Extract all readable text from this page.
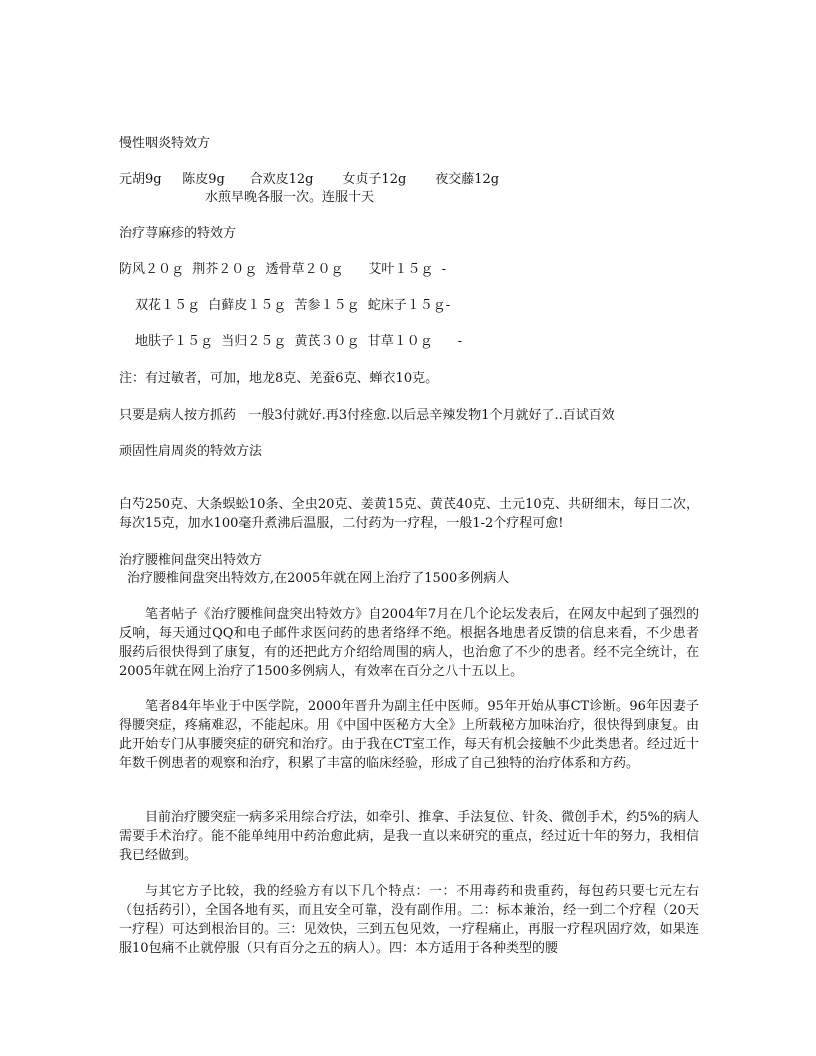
慢性咽炎特效方

元胡9g     陈皮9g      合欢皮12g       女贞子12g       夜交藤12g

水煎早晚各服一次。连服十天

治疗荨麻疹的特效方

防风２０ｇ  荆芥２０ｇ  透骨草２０ｇ      艾叶１５ｇ  -

双花１５ｇ  白藓皮１５ｇ  苦参１５ｇ  蛇床子１５ｇ-

地肤子１５ｇ  当归２５ｇ  黄芪３０ｇ  甘草１０ｇ      -

注：有过敏者，可加，地龙8克、羌蚕6克、蝉衣10克。

只要是病人按方抓药   一般3付就好.再3付痊愈.以后忌辛辣发物1个月就好了..百试百效

顽固性肩周炎的特效方法

白芍250克、大条蜈蚣10条、全虫20克、姜黄15克、黄芪40克、土元10克、共研细末，每日二次，每次15克，加水100毫升煮沸后温服，二付药为一疗程，一般1-2个疗程可愈!

治疗腰椎间盘突出特效方

治疗腰椎间盘突出特效方,在2005年就在网上治疗了1500多例病人

笔者帖子《治疗腰椎间盘突出特效方》自2004年7月在几个论坛发表后，在网友中起到了强烈的反响，每天通过QQ和电子邮件求医问药的患者络绎不绝。根据各地患者反馈的信息来看，不少患者服药后很快得到了康复，有的还把此方介绍给周围的病人，也治愈了不少的患者。经不完全统计，在2005年就在网上治疗了1500多例病人，有效率在百分之八十五以上。

笔者84年毕业于中医学院，2000年晋升为副主任中医师。95年开始从事CT诊断。96年因妻子得腰突症，疼痛难忍，不能起床。用《中国中医秘方大全》上所载秘方加味治疗，很快得到康复。由此开始专门从事腰突症的研究和治疗。由于我在CT室工作，每天有机会接触不少此类患者。经过近十年数千例患者的观察和治疗，积累了丰富的临床经验，形成了自己独特的治疗体系和方药。

目前治疗腰突症一病多采用综合疗法，如牵引、推拿、手法复位、针灸、微创手术，约5%的病人需要手术治疗。能不能单纯用中药治愈此病，是我一直以来研究的重点，经过近十年的努力，我相信我已经做到。

与其它方子比较，我的经验方有以下几个特点：一：不用毒药和贵重药，每包药只要七元左右（包括药引），全国各地有买，而且安全可靠，没有副作用。二：标本兼治，经一到二个疗程（20天一疗程）可达到根治目的。三：见效快，三到五包见效，一疗程痛止，再服一疗程巩固疗效，如果连服10包痛不止就停服（只有百分之五的病人）。四：本方适用于各种类型的腰
